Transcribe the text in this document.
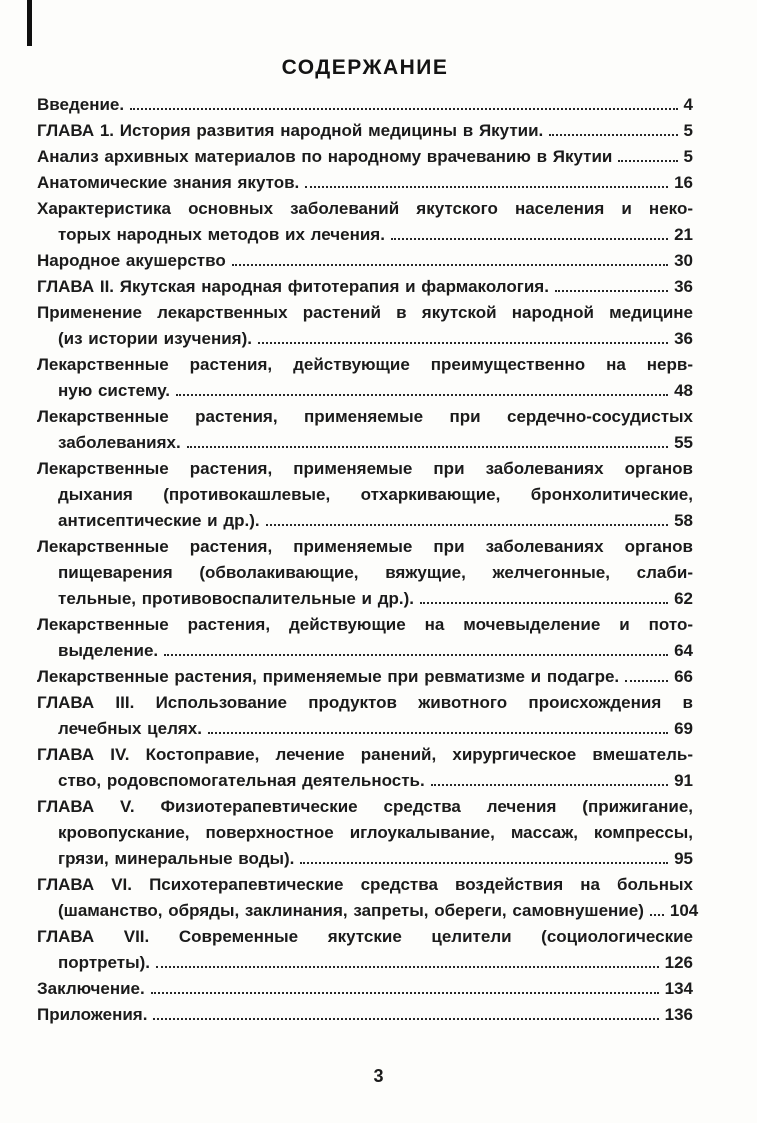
СОДЕРЖАНИЕ
Введение.	4
ГЛАВА 1. История развития народной медицины в Якутии.	5
Анализ архивных материалов по народному врачеванию в Якутии	5
Анатомические знания якутов.	16
Характеристика основных заболеваний якутского населения и неко-
торых народных методов их лечения.	21
Народное акушерство	30
ГЛАВА II. Якутская народная фитотерапия и фармакология.	36
Применение лекарственных растений в якутской народной медицине
(из истории изучения).	36
Лекарственные растения, действующие преимущественно на нерв-
ную систему.	48
Лекарственные растения, применяемые при сердечно-сосудистых
заболеваниях.	55
Лекарственные растения, применяемые при заболеваниях органов
дыхания (противокашлевые, отхаркивающие, бронхолитические,
антисептические и др.).	58
Лекарственные растения, применяемые при заболеваниях органов
пищеварения (обволакивающие, вяжущие, желчегонные, слаби-
тельные, противовоспалительные и др.).	62
Лекарственные растения, действующие на мочевыделение и пото-
выделение.	64
Лекарственные растения, применяемые при ревматизме и подагре.	66
ГЛАВА III. Использование продуктов животного происхождения в
лечебных целях.	69
ГЛАВА IV. Костоправие, лечение ранений, хирургическое вмешатель-
ство, родовспомогательная деятельность.	91
ГЛАВА V. Физиотерапевтические средства лечения (прижигание,
кровопускание, поверхностное иглоукалывание, массаж, компрессы,
грязи, минеральные воды).	95
ГЛАВА VI. Психотерапевтические средства воздействия на больных
(шаманство, обряды, заклинания, запреты, обереги, самовнушение) 104
ГЛАВА VII. Современные якутские целители (социологические
портреты).	126
Заключение.	134
Приложения.	136
3
